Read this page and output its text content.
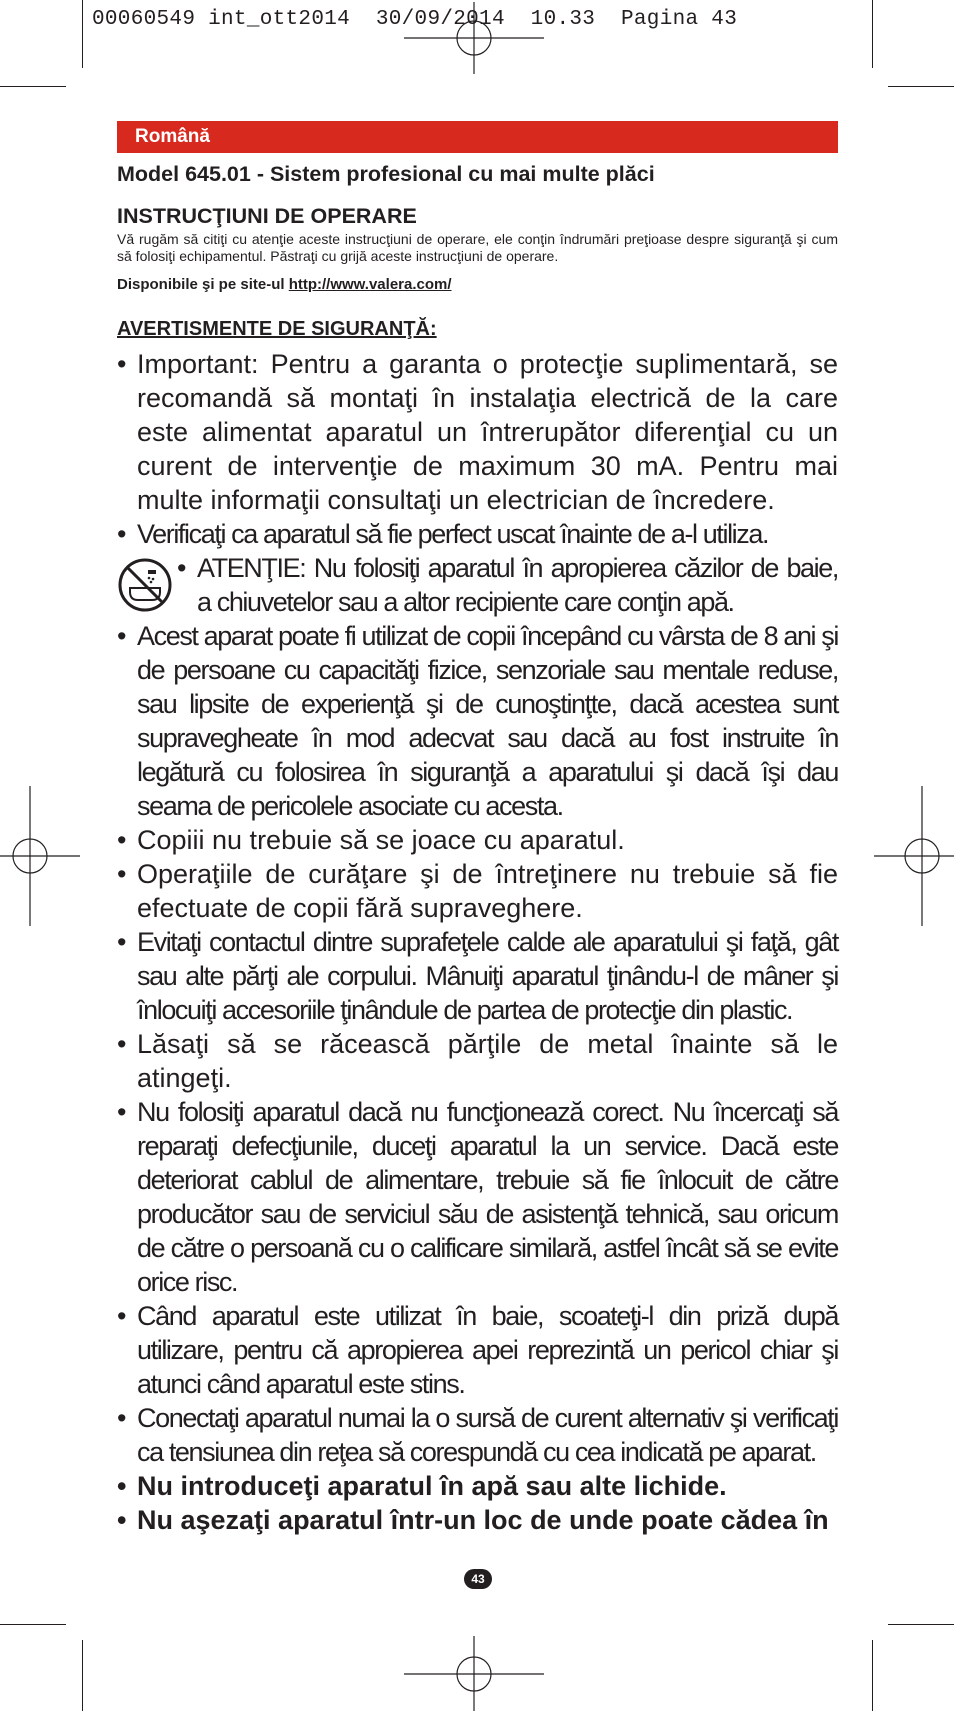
00060549 int_ott2014  30/09/2014  10.33  Pagina 43
Română
Model 645.01 - Sistem profesional cu mai multe plăci
INSTRUCŢIUNI DE OPERARE
Vă rugăm să citiţi cu atenţie aceste instrucţiuni de operare, ele conţin îndrumări preţioase despre siguranţă şi cum să folosiţi echipamentul. Păstraţi cu grijă aceste instrucţiuni de operare.
Disponibile şi pe site-ul http://www.valera.com/
AVERTISMENTE DE SIGURANŢĂ:
• Important: Pentru a garanta o protecţie suplimentară, se recomandă să montaţi în instalaţia electrică de la care este alimentat aparatul un întrerupător diferenţial cu un curent de intervenţie de maximum 30 mA. Pentru mai multe informaţii consultaţi un electrician de încredere.
• Verificaţi ca aparatul să fie perfect uscat înainte de a-l utiliza.
• ATENŢIE: Nu folosiţi aparatul în apropierea căzilor de baie, a chiuvetelor sau a altor recipiente care conţin apă.
• Acest aparat poate fi utilizat de copii începând cu vârsta de 8 ani şi de persoane cu capacităţi fizice, senzoriale sau mentale reduse, sau lipsite de experienţă şi de cunoştinţte, dacă acestea sunt supravegheate în mod adecvat sau dacă au fost instruite în legătură cu folosirea în siguranţă a aparatului şi dacă îşi dau seama de pericolele asociate cu acesta.
• Copiii nu trebuie să se joace cu aparatul.
• Operaţiile de curăţare şi de întreţinere nu trebuie să fie efectuate de copii fără supraveghere.
• Evitaţi contactul dintre suprafeţele calde ale aparatului şi faţă, gât sau alte părţi ale corpului. Mânuiţi aparatul ţinându-l de mâner şi înlocuiţi accesoriile ţinândule de partea de protecţie din plastic.
• Lăsaţi să se răcească părţile de metal înainte să le atingeţi.
• Nu folosiţi aparatul dacă nu funcţionează corect. Nu încercaţi să reparaţi defecţiunile, duceţi aparatul la un service. Dacă este deteriorat cablul de alimentare, trebuie să fie înlocuit de către producător sau de serviciul său de asistenţă tehnică, sau oricum de către o persoană cu o calificare similară, astfel încât să se evite orice risc.
• Când aparatul este utilizat în baie, scoateţi-l din priză după utilizare, pentru că apropierea apei reprezintă un pericol chiar şi atunci când aparatul este stins.
• Conectaţi aparatul numai la o sursă de curent alternativ şi verificaţi ca tensiunea din reţea să corespundă cu cea indicată pe aparat.
• Nu introduceţi aparatul în apă sau alte lichide.
• Nu aşezaţi aparatul într-un loc de unde poate cădea în
43
